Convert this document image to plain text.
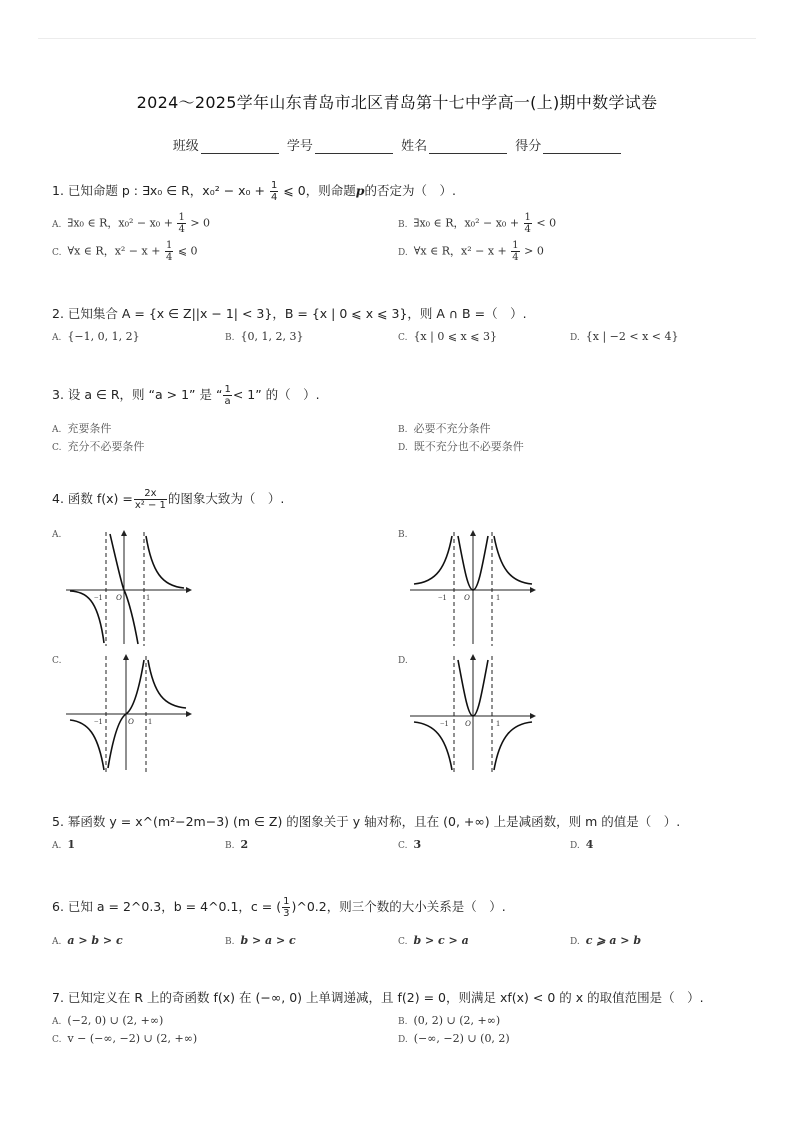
2024～2025学年山东青岛市北区青岛第十七中学高一(上)期中数学试卷
班级	学号	姓名	得分
1. 已知命题 p : ∃x₀ ∈ R，$x_0^2 - x_0 + \frac{1}{4}$ ⩽ 0，则命题p的否定为（　）.
A. ∃x₀ ∈ R，$x_0^2 - x_0 + \frac{1}{4} > 0$	B. ∃x₀ ∈ R，$x_0^2 - x_0 + \frac{1}{4} < 0$
C. ∀x ∈ R，$x^2 - x + \frac{1}{4}$ ⩽ 0	D. ∀x ∈ R，$x^2 - x + \frac{1}{4} > 0$
2. 已知集合 A = {x ∈ Z||x − 1| < 3}，B = {x | 0 ⩽ x ⩽ 3}，则 A ∩ B =（　）.
A. {−1, 0, 1, 2}	B. {0, 1, 2, 3}	C. {x | 0 ⩽ x ⩽ 3}	D. {x | −2 < x < 4}
3. 设 a ∈ R，则 “a > 1” 是 “ $\frac{1}{a} < 1$” 的（　）.
A. 充要条件	B. 必要不充分条件
C. 充分不必要条件	D. 既不充分也不必要条件
4. 函数 $f(x) = \frac{2x}{\text{x² − 1}}$ 的图象大致为（　）.
A.	B.
C.	D.
−1 O	1	−1 O	1
−1	O 1	−1 O	1
5. 幂函数 y = x^(m²−2m−3) (m ∈ Z) 的图象关于 y 轴对称，且在 (0, +∞) 上是减函数，则 m 的值是（　）.
A. 1	B. 2	C. 3	D. 4
6. 已知 a = 2^0.3，b = 4^0.1，c = ( $\frac{1}{3}$ )^0.2，则三个数的大小关系是（　）.
A. a > b > c	B. b > a > c	C. b > c > a	D. c ⩾ a > b
7. 已知定义在 R 上的奇函数 f(x) 在 (−∞, 0) 上单调递减，且 f(2) = 0，则满足 xf(x) < 0 的 x 的取值范围是（　）.
A. (−2, 0) ∪ (2, +∞)	B. (0, 2) ∪ (2, +∞)
C. v − (−∞, −2) ∪ (2, +∞)	D. (−∞, −2) ∪ (0, 2)
